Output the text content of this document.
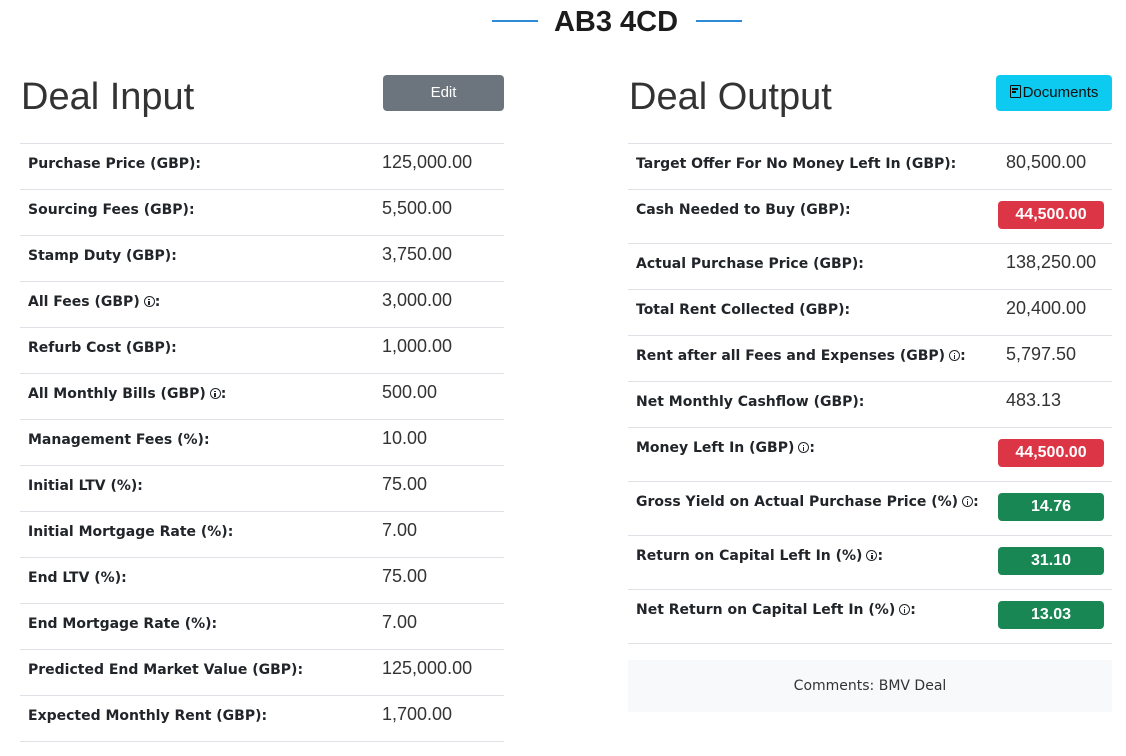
AB3 4CD
Deal Input	Edit
Purchase Price (GBP):	125,000.00
Sourcing Fees (GBP):	5,500.00
Stamp Duty (GBP):	3,750.00
All Fees (GBP) :	3,000.00
Refurb Cost (GBP):	1,000.00
All Monthly Bills (GBP) :	500.00
Management Fees (%):	10.00
Initial LTV (%):	75.00
Initial Mortgage Rate (%):	7.00
End LTV (%):	75.00
End Mortgage Rate (%):	7.00
Predicted End Market Value (GBP):	125,000.00
Expected Monthly Rent (GBP):	1,700.00
Deal Output	Documents
Target Offer For No Money Left In (GBP):	80,500.00
Cash Needed to Buy (GBP):	44,500.00
Actual Purchase Price (GBP):	138,250.00
Total Rent Collected (GBP):	20,400.00
Rent after all Fees and Expenses (GBP) :	5,797.50
Net Monthly Cashflow (GBP):	483.13
Money Left In (GBP) :	44,500.00
Gross Yield on Actual Purchase Price (%) :	14.76
Return on Capital Left In (%) :	31.10
Net Return on Capital Left In (%) :	13.03
Comments: BMV Deal
